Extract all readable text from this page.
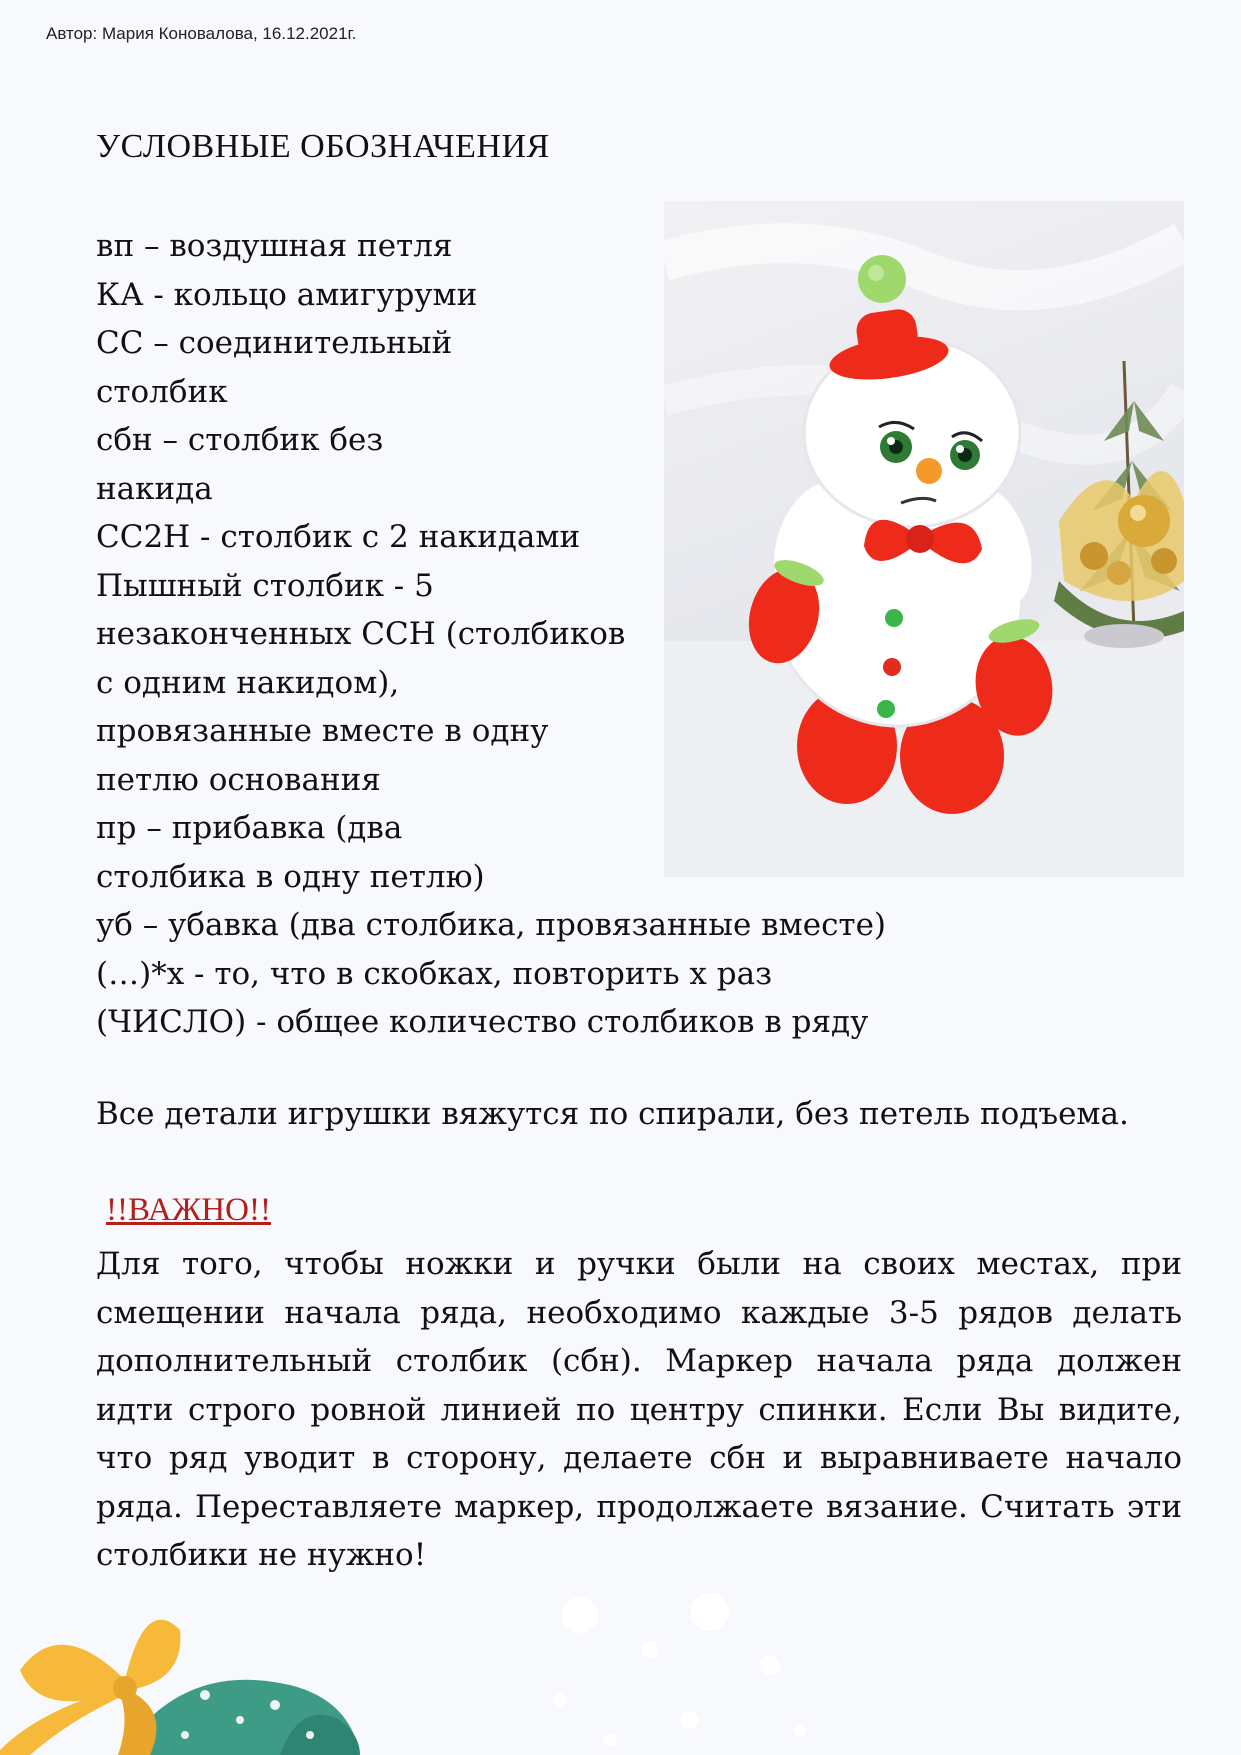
Автор: Мария Коновалова, 16.12.2021г.

УСЛОВНЫЕ ОБОЗНАЧЕНИЯ
вп – воздушная петля
КА - кольцо амигуруми
СС – соединительный
столбик
сбн – столбик без
накида
СС2Н - столбик с 2 накидами
Пышный столбик - 5
незаконченных ССН (столбиков
с одним накидом),
провязанные вместе в одну
петлю основания
пр – прибавка (два
столбика в одну петлю)
уб – убавка (два столбика, провязанные вместе)
(…)*х - то, что в скобках, повторить х раз
(ЧИСЛО) - общее количество столбиков в ряду

Все детали игрушки вяжутся по спирали, без петель подъема.

!!ВАЖНО!!

Для того, чтобы ножки и ручки были на своих местах, при смещении начала ряда, необходимо каждые 3-5 рядов делать дополнительный столбик (сбн). Маркер начала ряда должен идти строго ровной линией по центру спинки. Если Вы видите, что ряд уводит в сторону, делаете сбн и выравниваете начало ряда. Переставляете маркер, продолжаете вязание. Считать эти столбики не нужно!
